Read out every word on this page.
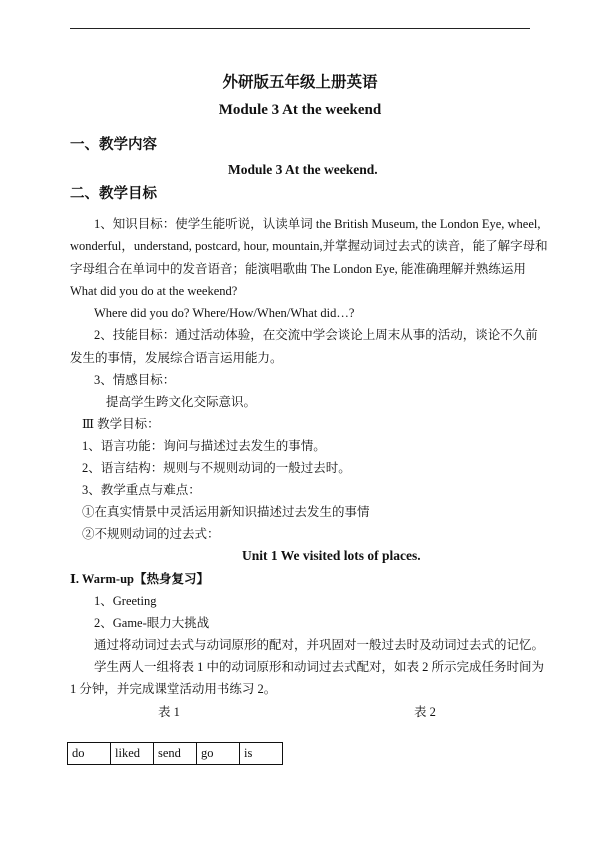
外研版五年级上册英语
Module 3 At the weekend
一、教学内容
Module 3 At the weekend.
二、教学目标
1、知识目标：使学生能听说，认读单词 the British Museum, the London Eye, wheel,
wonderful，understand, postcard, hour, mountain,并掌握动词过去式的读音，能了解字母和
字母组合在单词中的发音语音；能演唱歌曲 The London Eye, 能准确理解并熟练运用
What did you do at the weekend?
Where did you do? Where/How/When/What did…?
2、技能目标：通过活动体验，在交流中学会谈论上周末从事的活动，谈论不久前
发生的事情，发展综合语言运用能力。
3、情感目标：
提高学生跨文化交际意识。
Ⅲ 教学目标：
1、语言功能：询问与描述过去发生的事情。
2、语言结构：规则与不规则动词的一般过去时。
3、教学重点与难点：
①在真实情景中灵活运用新知识描述过去发生的事情
②不规则动词的过去式：
Unit 1 We visited lots of places.
Ⅰ. Warm-up【热身复习】
1、Greeting
2、Game-眼力大挑战
通过将动词过去式与动词原形的配对，并巩固对一般过去时及动词过去式的记忆。
学生两人一组将表 1 中的动词原形和动词过去式配对，如表 2 所示完成任务时间为
1 分钟，并完成课堂活动用书练习 2。
表 1	表 2
do	liked	send	go	is
